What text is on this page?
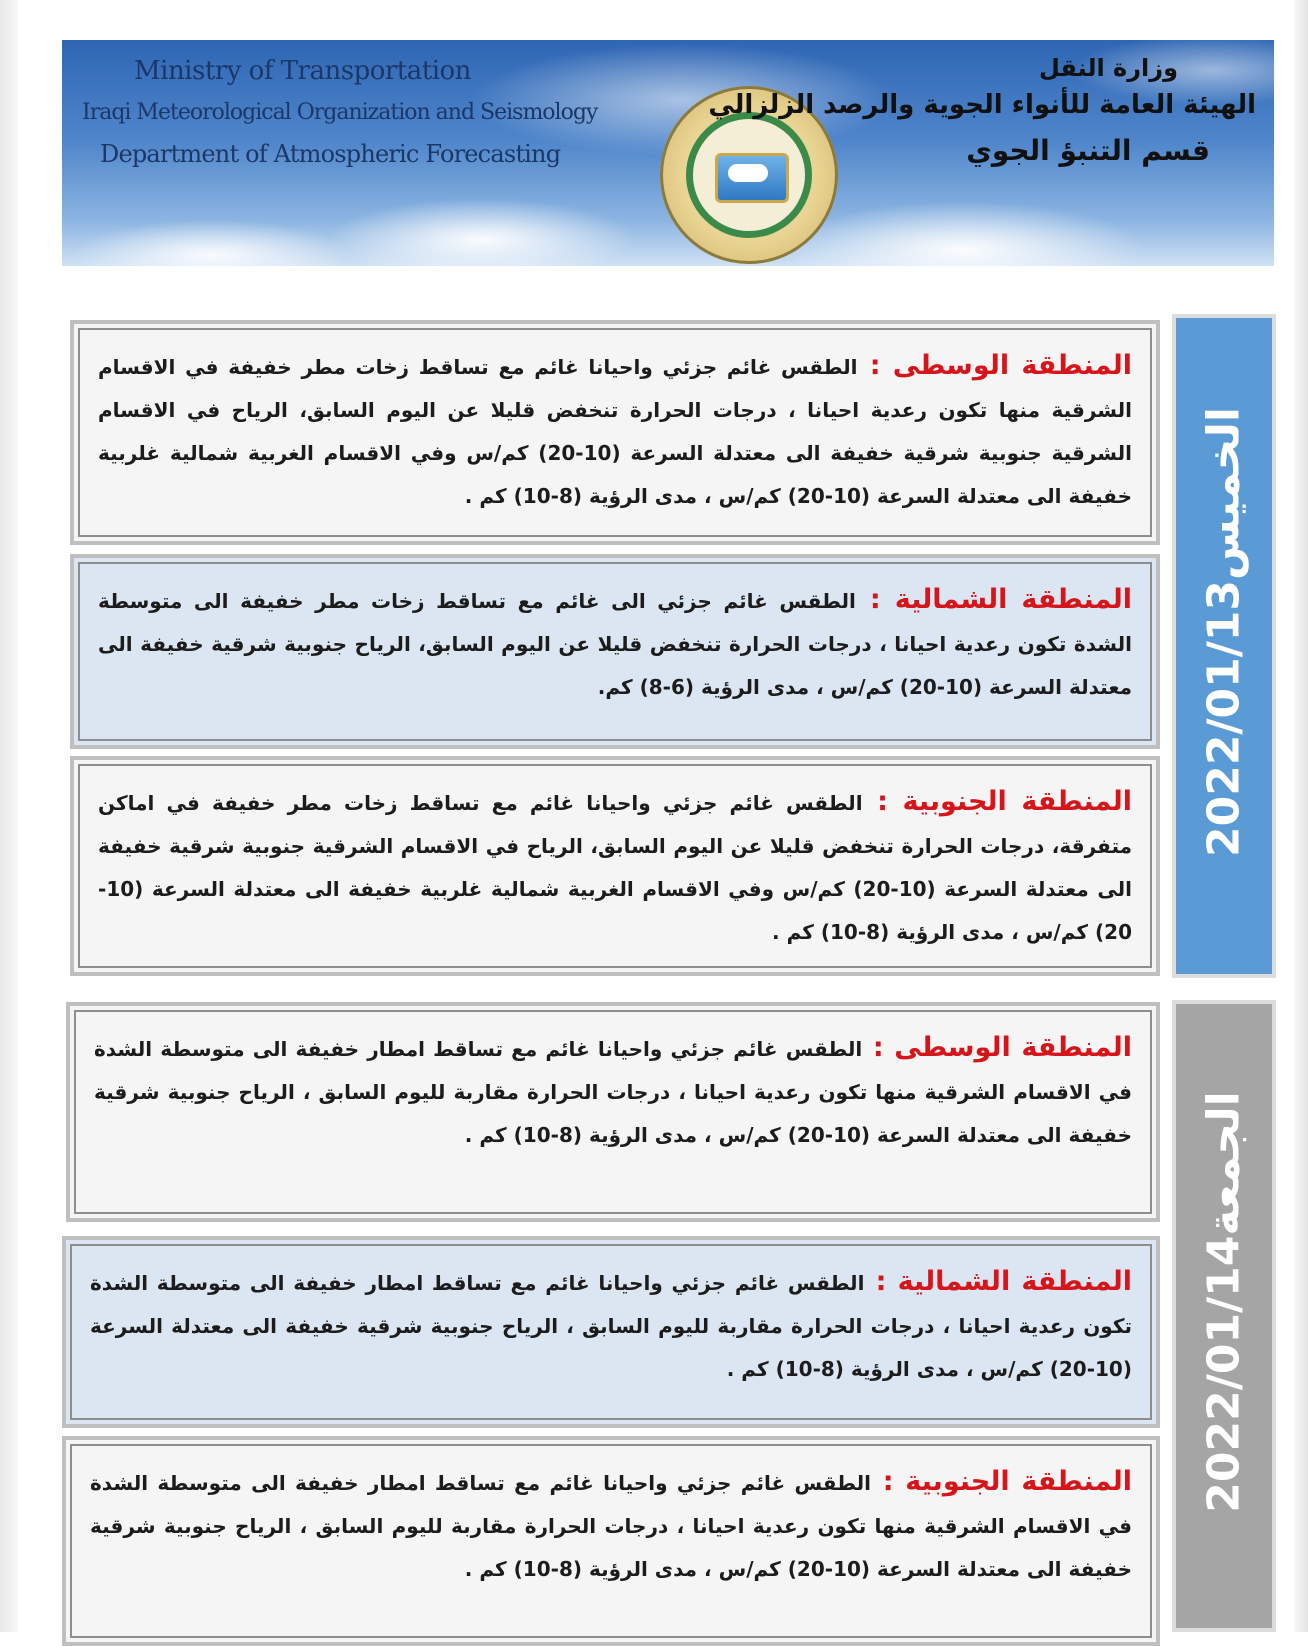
Ministry of Transportation
Iraqi Meteorological Organization and Seismology
Department of Atmospheric Forecasting
وزارة النقل
الهيئة العامة للأنواء الجوية والرصد الزلزالي
قسم التنبؤ الجوي
الخميس2022/01/13
المنطقة الوسطى : الطقس غائم جزئي واحيانا غائم مع تساقط زخات مطر خفيفة في الاقسام الشرقية منها تكون رعدية احيانا ، درجات الحرارة تنخفض قليلا عن اليوم السابق، الرياح في الاقسام الشرقية جنوبية شرقية خفيفة الى معتدلة السرعة (10-20) كم/س وفي الاقسام الغربية شمالية غلربية خفيفة الى معتدلة السرعة (10-20) كم/س ، مدى الرؤية (8-10) كم .
المنطقة الشمالية : الطقس غائم جزئي الى غائم مع تساقط زخات مطر خفيفة الى متوسطة الشدة تكون رعدية احيانا ، درجات الحرارة تنخفض قليلا عن اليوم السابق، الرياح جنوبية شرقية خفيفة الى معتدلة السرعة (10-20) كم/س ، مدى الرؤية (6-8) كم.
المنطقة الجنوبية : الطقس غائم جزئي واحيانا غائم مع تساقط زخات مطر خفيفة في اماكن متفرقة، درجات الحرارة تنخفض قليلا عن اليوم السابق، الرياح في الاقسام الشرقية جنوبية شرقية خفيفة الى معتدلة السرعة (10-20) كم/س وفي الاقسام الغربية شمالية غلربية خفيفة الى معتدلة السرعة (10-20) كم/س ، مدى الرؤية (8-10) كم .
الجمعة2022/01/14
المنطقة الوسطى : الطقس غائم جزئي واحيانا غائم مع تساقط امطار خفيفة الى متوسطة الشدة في الاقسام الشرقية منها تكون رعدية احيانا ، درجات الحرارة مقاربة لليوم السابق ، الرياح جنوبية شرقية خفيفة الى معتدلة السرعة (10-20) كم/س ، مدى الرؤية (8-10) كم .
المنطقة الشمالية : الطقس غائم جزئي واحيانا غائم مع تساقط امطار خفيفة الى متوسطة الشدة تكون رعدية احيانا ، درجات الحرارة مقاربة لليوم السابق ، الرياح جنوبية شرقية خفيفة الى معتدلة السرعة (10-20) كم/س ، مدى الرؤية (8-10) كم .
المنطقة الجنوبية : الطقس غائم جزئي واحيانا غائم مع تساقط امطار خفيفة الى متوسطة الشدة في الاقسام الشرقية منها تكون رعدية احيانا ، درجات الحرارة مقاربة لليوم السابق ، الرياح جنوبية شرقية خفيفة الى معتدلة السرعة (10-20) كم/س ، مدى الرؤية (8-10) كم .
